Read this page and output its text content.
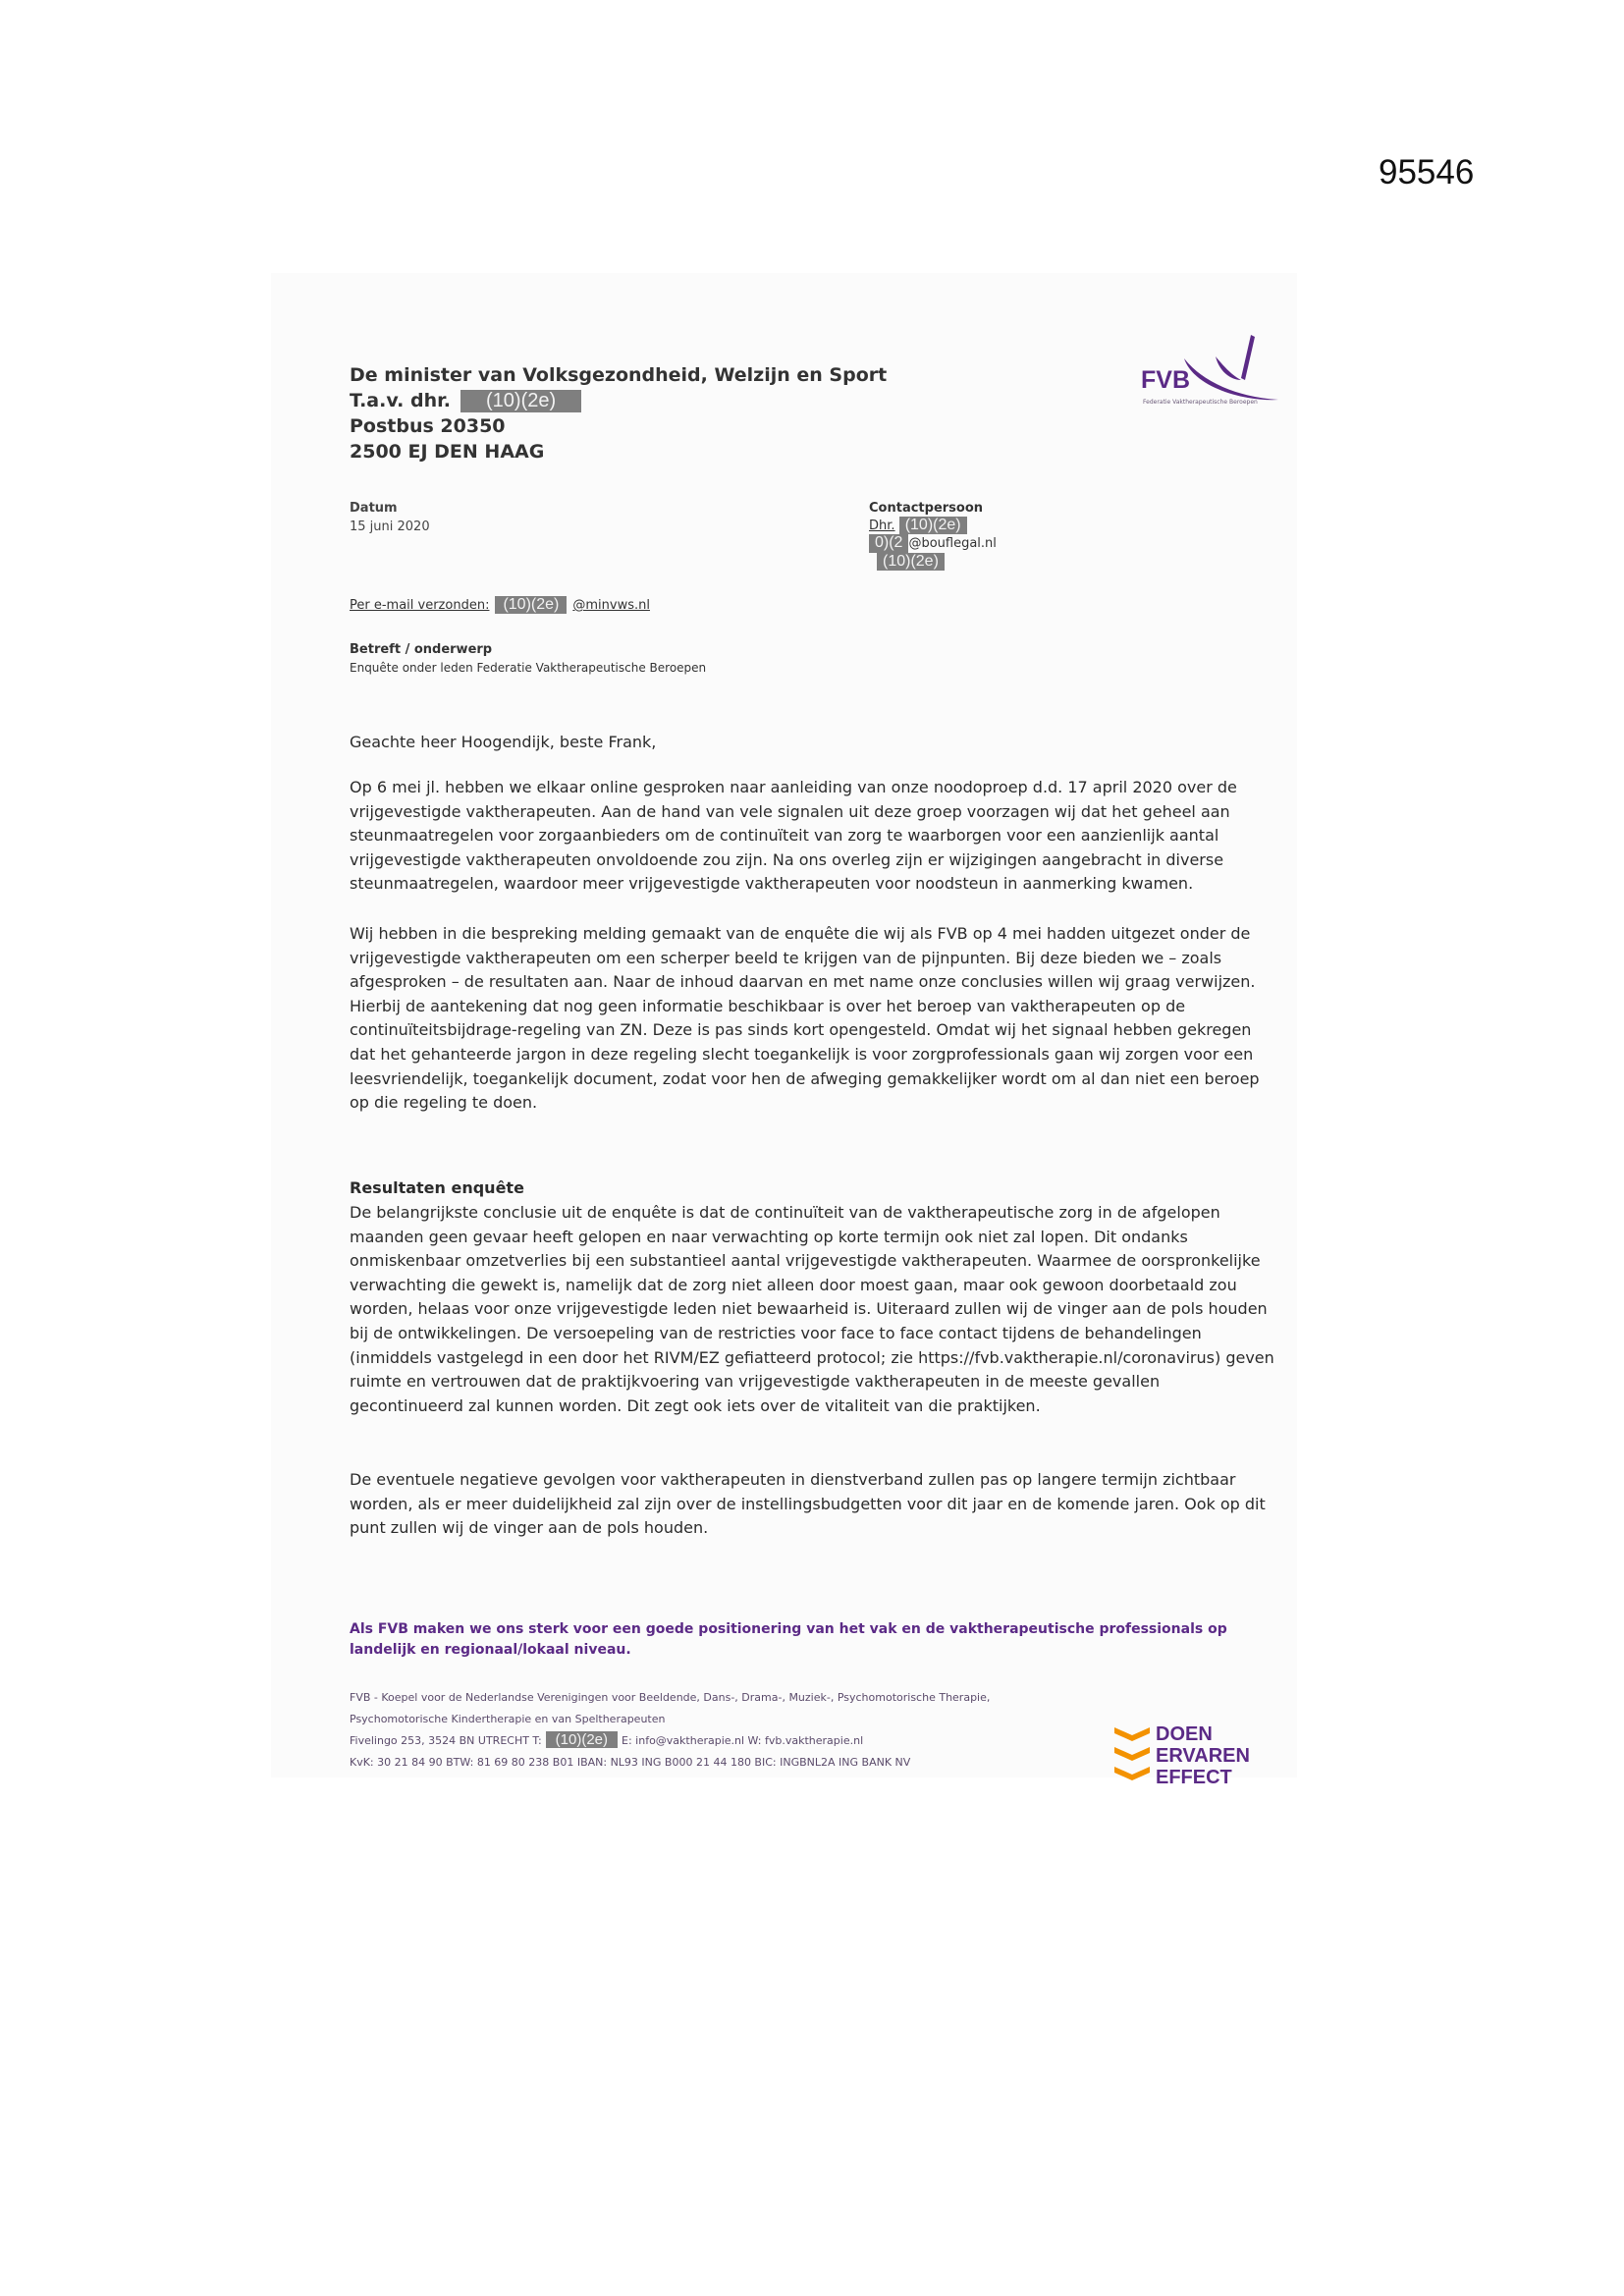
95546
De minister van Volksgezondheid, Welzijn en Sport
T.a.v. dhr. (10)(2e)
Postbus 20350
2500 EJ DEN HAAG
FVB
Federatie Vaktherapeutische Beroepen
Datum
15 juni 2020
Contactpersoon
Dhr. (10)(2e)
0)(2 @bouflegal.nl
(10)(2e)
Per e-mail verzonden: (10)(2e) @minvws.nl
Betreft / onderwerp
Enquête onder leden Federatie Vaktherapeutische Beroepen
Geachte heer Hoogendijk, beste Frank,
Op 6 mei jl. hebben we elkaar online gesproken naar aanleiding van onze noodoproep d.d. 17 april 2020 over de vrijgevestigde vaktherapeuten. Aan de hand van vele signalen uit deze groep voorzagen wij dat het geheel aan steunmaatregelen voor zorgaanbieders om de continuïteit van zorg te waarborgen voor een aanzienlijk aantal vrijgevestigde vaktherapeuten onvoldoende zou zijn. Na ons overleg zijn er wijzigingen aangebracht in diverse steunmaatregelen, waardoor meer vrijgevestigde vaktherapeuten voor noodsteun in aanmerking kwamen.
Wij hebben in die bespreking melding gemaakt van de enquête die wij als FVB op 4 mei hadden uitgezet onder de vrijgevestigde vaktherapeuten om een scherper beeld te krijgen van de pijnpunten. Bij deze bieden we – zoals afgesproken – de resultaten aan. Naar de inhoud daarvan en met name onze conclusies willen wij graag verwijzen. Hierbij de aantekening dat nog geen informatie beschikbaar is over het beroep van vaktherapeuten op de continuïteitsbijdrage-regeling van ZN. Deze is pas sinds kort opengesteld. Omdat wij het signaal hebben gekregen dat het gehanteerde jargon in deze regeling slecht toegankelijk is voor zorgprofessionals gaan wij zorgen voor een leesvriendelijk, toegankelijk document, zodat voor hen de afweging gemakkelijker wordt om al dan niet een beroep op die regeling te doen.
Resultaten enquête
De belangrijkste conclusie uit de enquête is dat de continuïteit van de vaktherapeutische zorg in de afgelopen maanden geen gevaar heeft gelopen en naar verwachting op korte termijn ook niet zal lopen. Dit ondanks onmiskenbaar omzetverlies bij een substantieel aantal vrijgevestigde vaktherapeuten. Waarmee de oorspronkelijke verwachting die gewekt is, namelijk dat de zorg niet alleen door moest gaan, maar ook gewoon doorbetaald zou worden, helaas voor onze vrijgevestigde leden niet bewaarheid is. Uiteraard zullen wij de vinger aan de pols houden bij de ontwikkelingen. De versoepeling van de restricties voor face to face contact tijdens de behandelingen (inmiddels vastgelegd in een door het RIVM/EZ gefiatteerd protocol; zie https://fvb.vaktherapie.nl/coronavirus) geven ruimte en vertrouwen dat de praktijkvoering van vrijgevestigde vaktherapeuten in de meeste gevallen gecontinueerd zal kunnen worden. Dit zegt ook iets over de vitaliteit van die praktijken.
De eventuele negatieve gevolgen voor vaktherapeuten in dienstverband zullen pas op langere termijn zichtbaar worden, als er meer duidelijkheid zal zijn over de instellingsbudgetten voor dit jaar en de komende jaren. Ook op dit punt zullen wij de vinger aan de pols houden.
Als FVB maken we ons sterk voor een goede positionering van het vak en de vaktherapeutische professionals op landelijk en regionaal/lokaal niveau.
FVB - Koepel voor de Nederlandse Verenigingen voor Beeldende, Dans-, Drama-, Muziek-, Psychomotorische Therapie,
Psychomotorische Kindertherapie en van Speltherapeuten
Fivelingo 253, 3524 BN UTRECHT T: (10)(2e) E: info@vaktherapie.nl W: fvb.vaktherapie.nl
KvK: 30 21 84 90 BTW: 81 69 80 238 B01 IBAN: NL93 ING B000 21 44 180 BIC: INGBNL2A ING BANK NV
DOEN
ERVAREN
EFFECT
